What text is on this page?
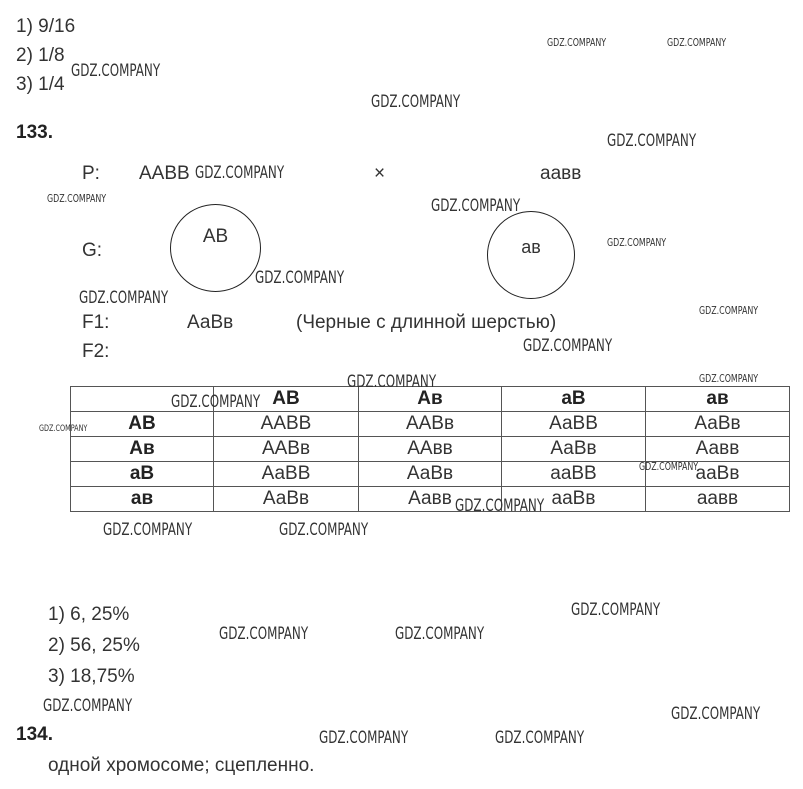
1) 9/16
2) 1/8
3) 1/4
133.
P: AABB	×	аавв
G:
AB	ав
F1:	АаВв	(Черные с длинной шерстью)
F2:
	AB	Ав	аВ	ав
AB	ААВВ	ААВв	АаВВ	АаВв
Ав	ААВв	ААвв	АаВв	Аавв
аВ	АаВВ	АаВв	ааВВ	ааВв
ав	АаВв	Аавв	ааВв	аавв
1) 6, 25%
2) 56, 25%
3) 18,75%
134.
одной хромосоме; сцепленно.
GDZ.COMPANY	GDZ.COMPANY
GDZ.COMPANY
GDZ.COMPANY
GDZ.COMPANY
GDZ.COMPANY
GDZ.COMPANY	GDZ.COMPANY
GDZ.COMPANY
GDZ.COMPANY
GDZ.COMPANY
GDZ.COMPANY
GDZ.COMPANY
GDZ.COMPANY	GDZ.COMPANY
GDZ.COMPANY
GDZ.COMPANY
GDZ.COMPANY
GDZ.COMPANY
GDZ.COMPANY	GDZ.COMPANY
GDZ.COMPANY
GDZ.COMPANY	GDZ.COMPANY
GDZ.COMPANY	GDZ.COMPANY
GDZ.COMPANY	GDZ.COMPANY
